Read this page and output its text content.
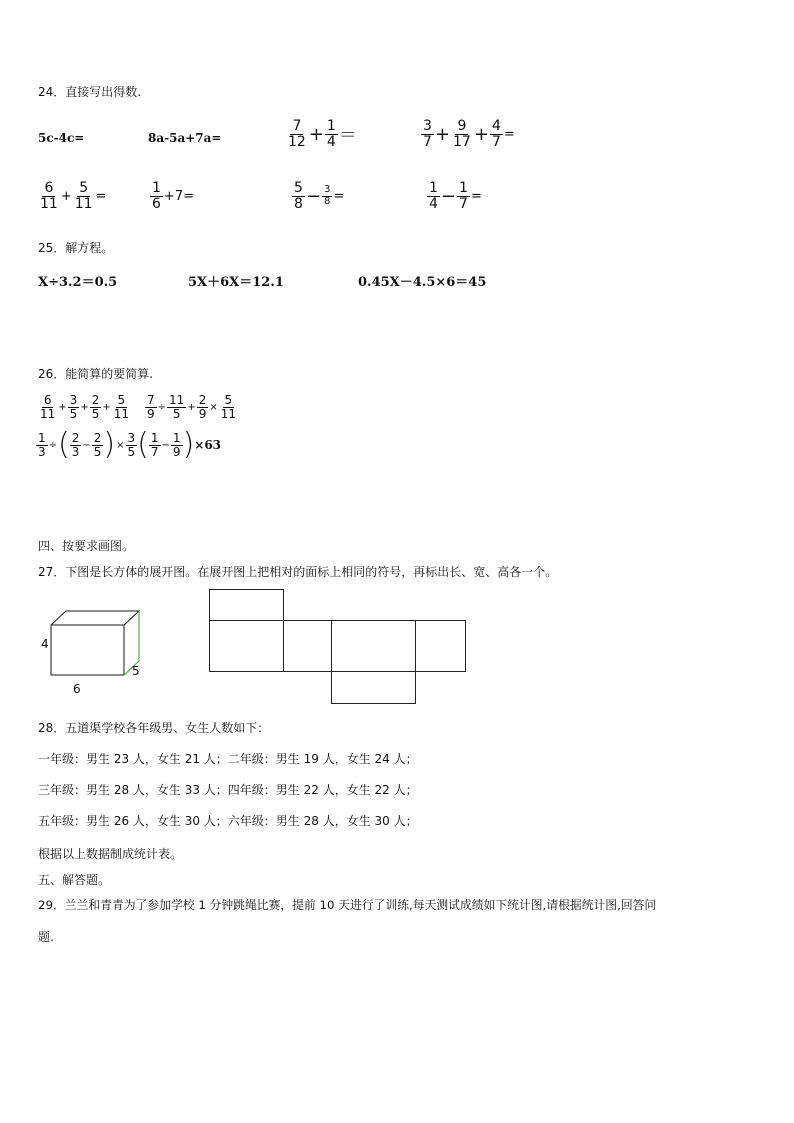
24．直接写出得数.
5c-4c=	8a-5a+7a=	$\frac{7}{12} + \frac{1}{4}$ ＝	$\frac{3}{7} + \frac{9}{17} + \frac{4}{7}$ =
$\frac{6}{11} + \frac{5}{11}$ =	$\frac{1}{6} +7=$	$\frac{5}{8} - \frac{3}{8}$ =	$\frac{1}{4} - \frac{1}{7}$ =
25．解方程。
X÷3.2＝0.5	5X＋6X＝12.1	0.45X－4.5×6＝45
26．能简算的要简算.
$\frac{6}{11} + \frac{3}{5} + \frac{2}{5} + \frac{5}{11} \frac{7}{9} \div \frac{11}{5} + \frac{2}{9} \times \frac{5}{11}$
$\frac{1}{3}$ ÷ ( $\frac{2}{3} - \frac{2}{5}$ ) × $\frac{3}{5}$ ( $\frac{1}{7} - \frac{1}{9}$ ) ×63
四、按要求画图。
27．下图是长方体的展开图。在展开图上把相对的面标上相同的符号，再标出长、宽、高各一个。
4
5
6
28．五道渠学校各年级男、女生人数如下：
一年级：男生 23 人，女生 21 人；二年级：男生 19 人，女生 24 人；
三年级：男生 28 人，女生 33 人；四年级：男生 22 人，女生 22 人；
五年级：男生 26 人，女生 30 人；六年级：男生 28 人，女生 30 人；
根据以上数据制成统计表。
五、解答题。
29．兰兰和青青为了参加学校 1 分钟跳绳比赛，提前 10 天进行了训练,每天测试成绩如下统计图,请根据统计图,回答问
题.
